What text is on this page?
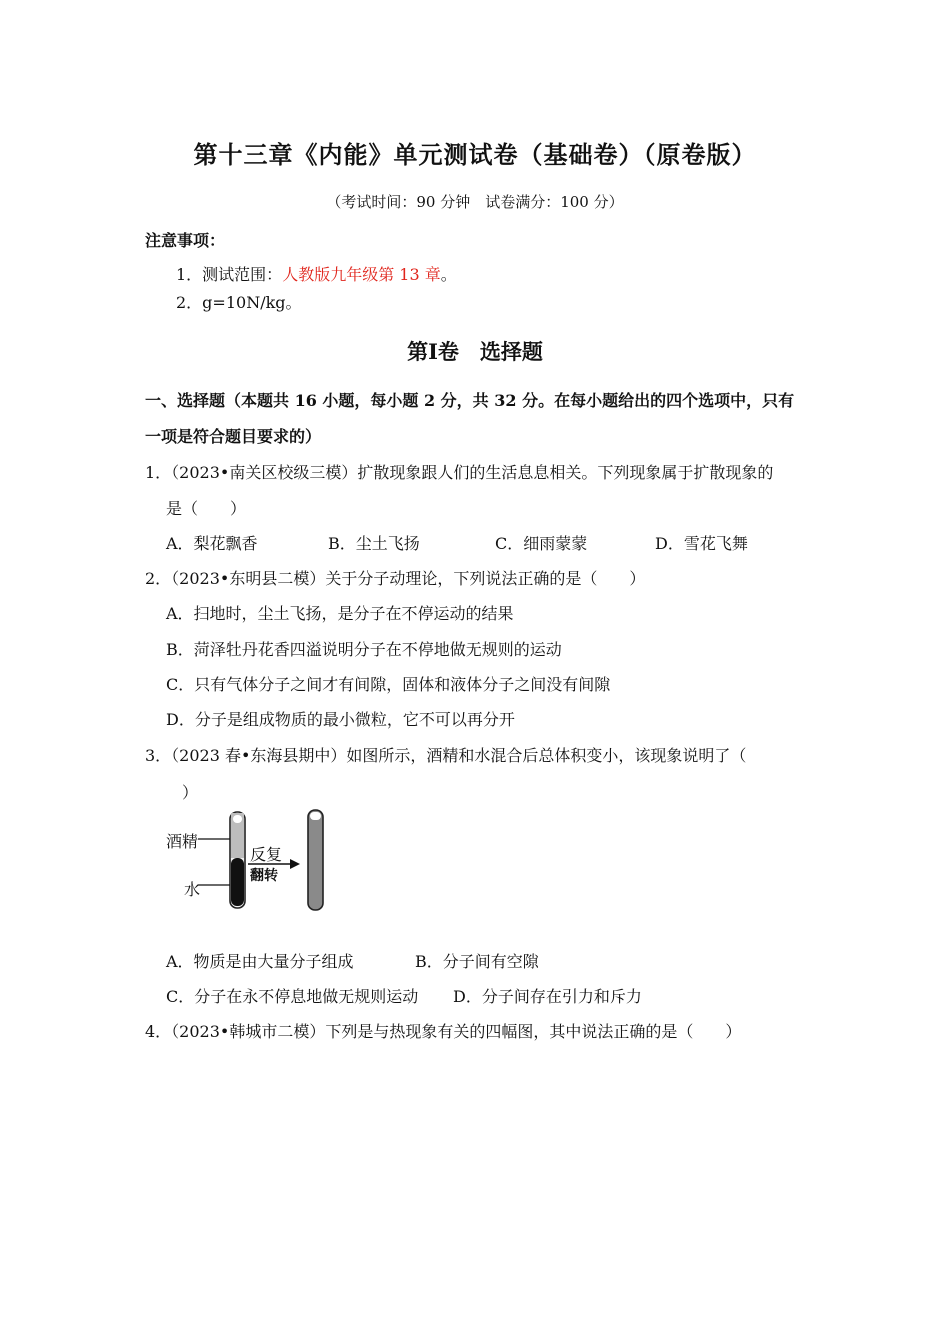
第十三章《内能》单元测试卷（基础卷）（原卷版）
（考试时间：90 分钟　试卷满分：100 分）
注意事项：
1．测试范围：人教版九年级第 13 章。
2．g=10N/kg。
第Ⅰ卷　选择题
一、选择题（本题共 16 小题，每小题 2 分，共 32 分。在每小题给出的四个选项中，只有
一项是符合题目要求的）
1．（2023•南关区校级三模）扩散现象跟人们的生活息息相关。下列现象属于扩散现象的
是（　　）
A．梨花飘香	B．尘土飞扬	C．细雨蒙蒙	D．雪花飞舞
2．（2023•东明县二模）关于分子动理论，下列说法正确的是（　　）
A．扫地时，尘土飞扬，是分子在不停运动的结果
B．菏泽牡丹花香四溢说明分子在不停地做无规则的运动
C．只有气体分子之间才有间隙，固体和液体分子之间没有间隙
D．分子是组成物质的最小微粒，它不可以再分开
3．（2023 春•东海县期中）如图所示，酒精和水混合后总体积变小，该现象说明了（
）
酒精
水
反复
翻转
A．物质是由大量分子组成	B．分子间有空隙
C．分子在永不停息地做无规则运动 D．分子间存在引力和斥力
4．（2023•韩城市二模）下列是与热现象有关的四幅图，其中说法正确的是（　　）
